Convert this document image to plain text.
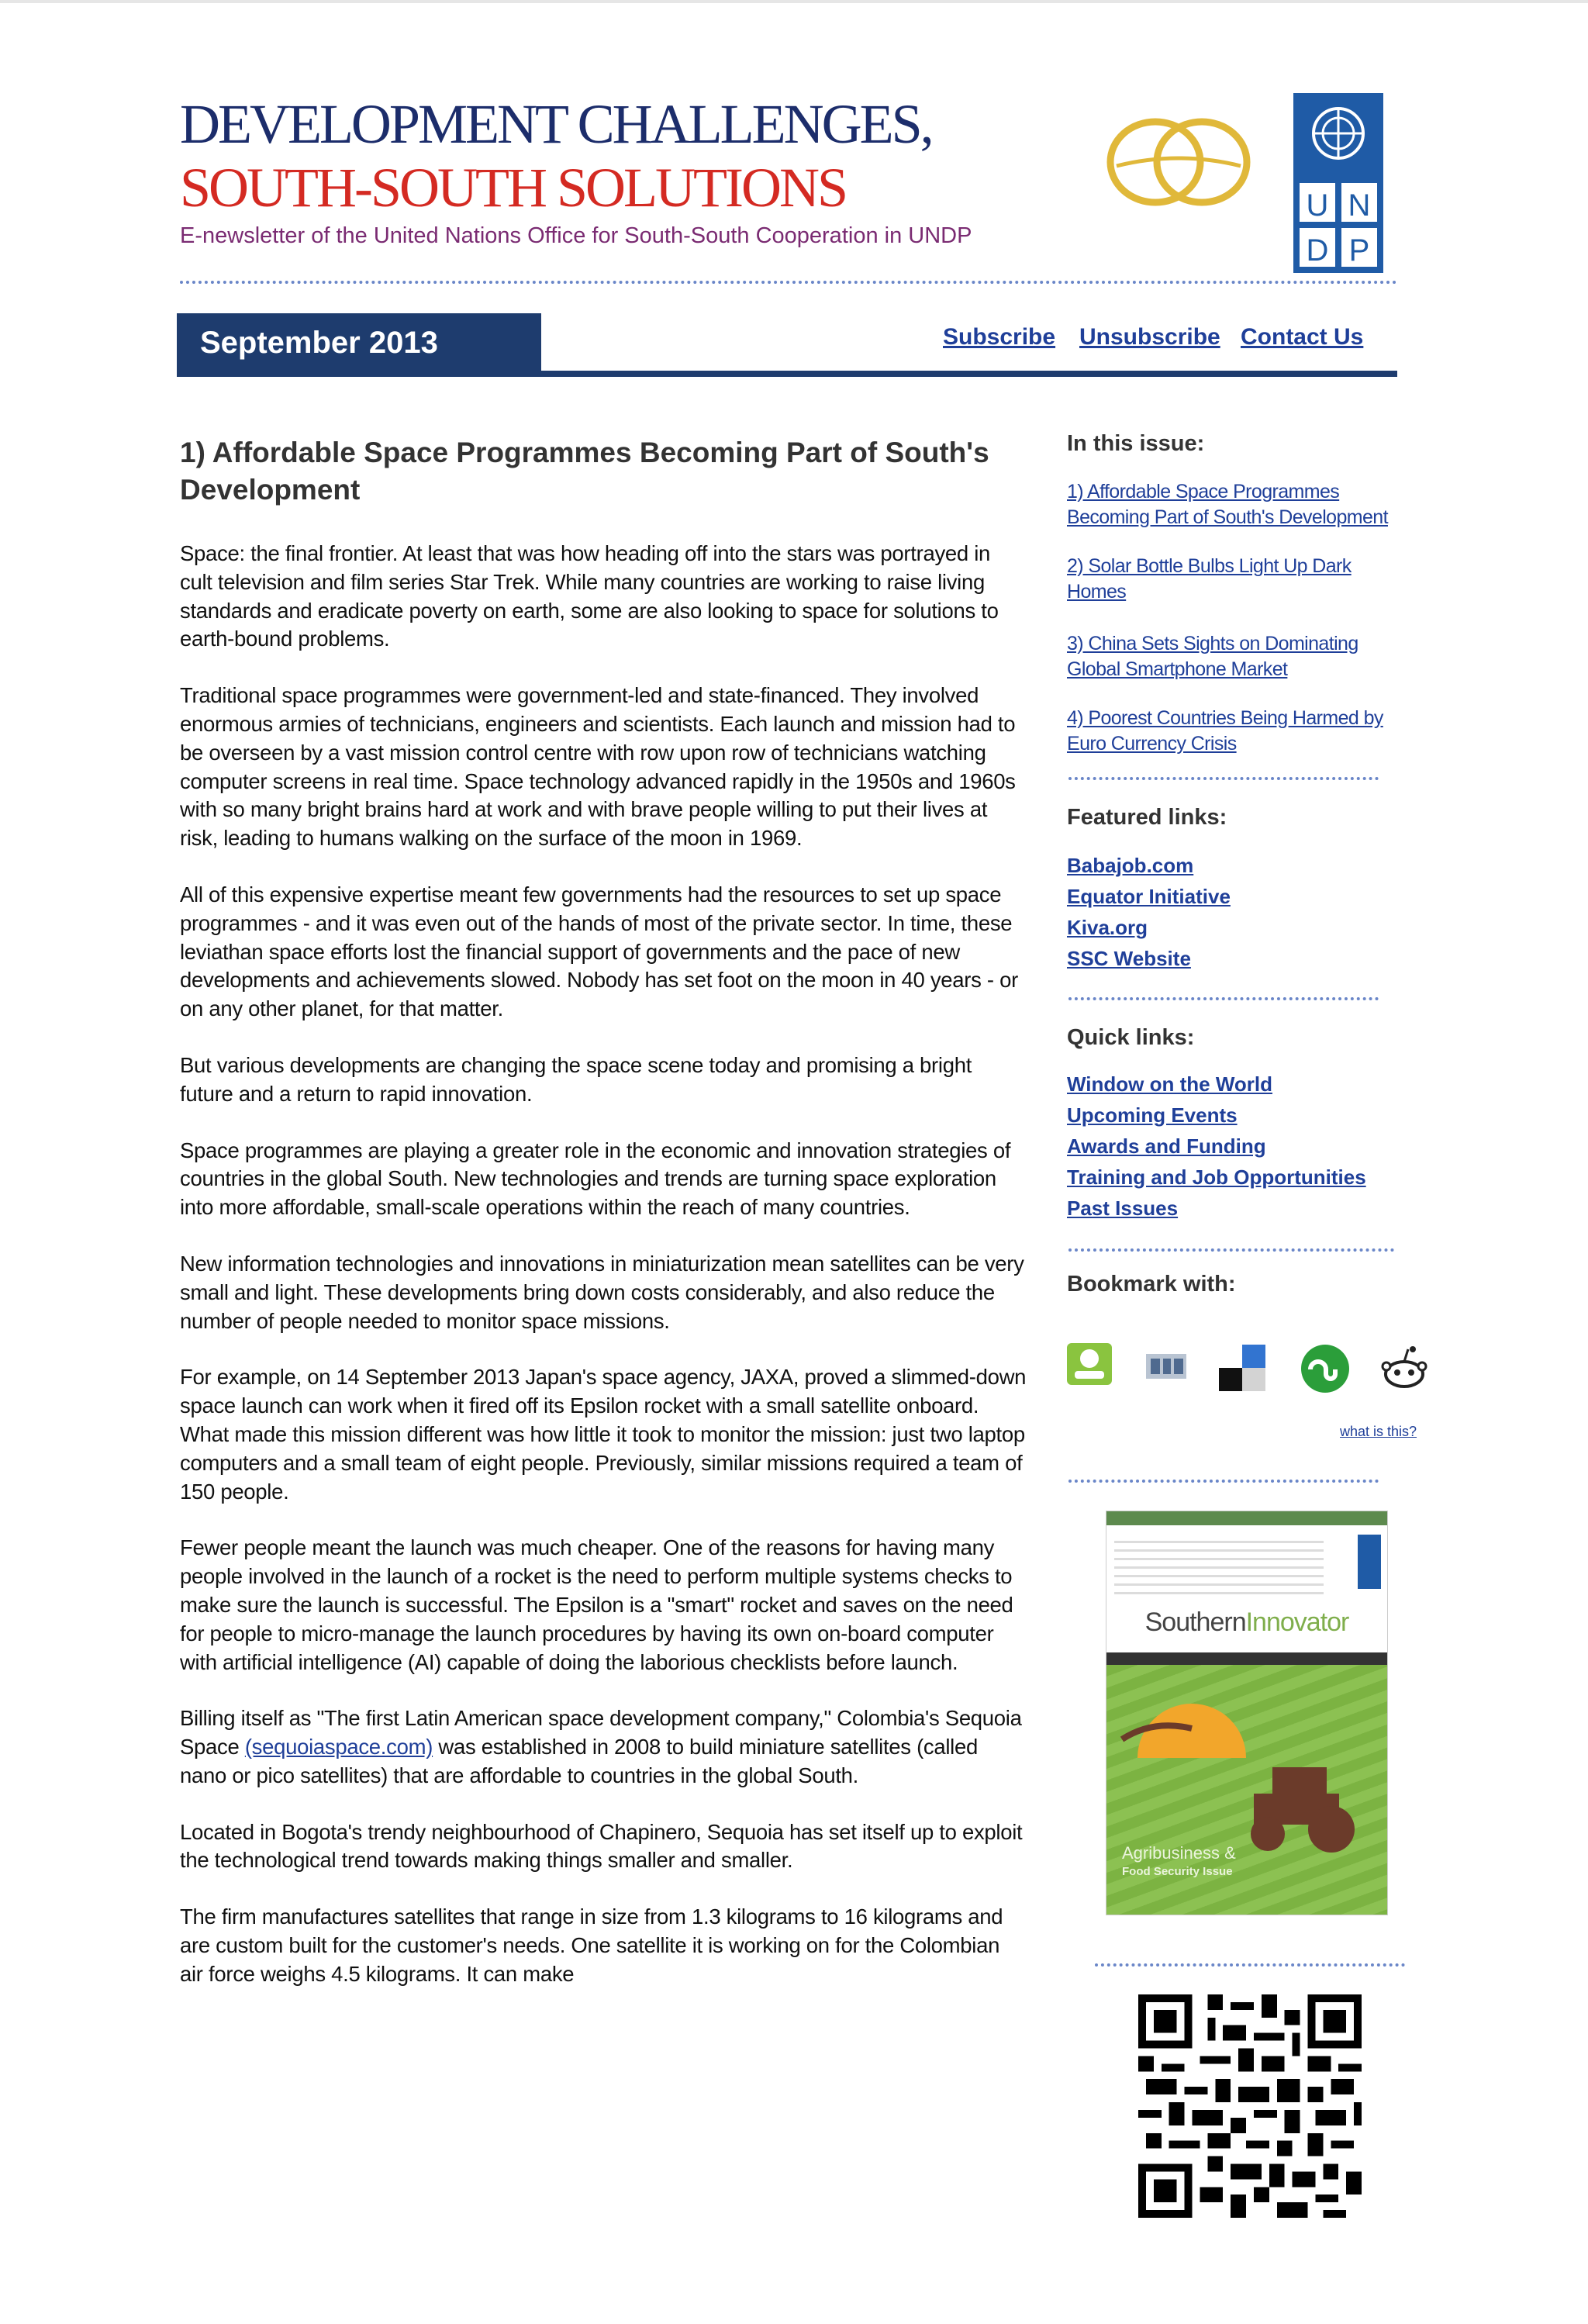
DEVELOPMENT CHALLENGES,
SOUTH-SOUTH SOLUTIONS
E-newsletter of the United Nations Office for South-South Cooperation in UNDP
U N
D P
September 2013	Subscribe Unsubscribe Contact Us
1) Affordable Space Programmes Becoming Part of South's Development

Space: the final frontier. At least that was how heading off into the stars was portrayed in cult television and film series Star Trek. While many countries are working to raise living standards and eradicate poverty on earth, some are also looking to space for solutions to earth-bound problems.

Traditional space programmes were government-led and state-financed. They involved enormous armies of technicians, engineers and scientists. Each launch and mission had to be overseen by a vast mission control centre with row upon row of technicians watching computer screens in real time. Space technology advanced rapidly in the 1950s and 1960s with so many bright brains hard at work and with brave people willing to put their lives at risk, leading to humans walking on the surface of the moon in 1969.

All of this expensive expertise meant few governments had the resources to set up space programmes - and it was even out of the hands of most of the private sector. In time, these leviathan space efforts lost the financial support of governments and the pace of new developments and achievements slowed. Nobody has set foot on the moon in 40 years - or on any other planet, for that matter.

But various developments are changing the space scene today and promising a bright future and a return to rapid innovation.

Space programmes are playing a greater role in the economic and innovation strategies of countries in the global South. New technologies and trends are turning space exploration into more affordable, small-scale operations within the reach of many countries.

New information technologies and innovations in miniaturization mean satellites can be very small and light. These developments bring down costs considerably, and also reduce the number of people needed to monitor space missions.

For example, on 14 September 2013 Japan's space agency, JAXA, proved a slimmed-down space launch can work when it fired off its Epsilon rocket with a small satellite onboard. What made this mission different was how little it took to monitor the mission: just two laptop computers and a small team of eight people. Previously, similar missions required a team of 150 people.

Fewer people meant the launch was much cheaper. One of the reasons for having many people involved in the launch of a rocket is the need to perform multiple systems checks to make sure the launch is successful. The Epsilon is a "smart" rocket and saves on the need for people to micro-manage the launch procedures by having its own on-board computer with artificial intelligence (AI) capable of doing the laborious checklists before launch.

Billing itself as "The first Latin American space development company," Colombia's Sequoia Space (sequoiaspace.com) was established in 2008 to build miniature satellites (called nano or pico satellites) that are affordable to countries in the global South.

Located in Bogota's trendy neighbourhood of Chapinero, Sequoia has set itself up to exploit the technological trend towards making things smaller and smaller.

The firm manufactures satellites that range in size from 1.3 kilograms to 16 kilograms and are custom built for the customer's needs. One satellite it is working on for the Colombian air force weighs 4.5 kilograms. It can make

In this issue:
1) Affordable Space Programmes
Becoming Part of South's Development
2) Solar Bottle Bulbs Light Up Dark
Homes
3) China Sets Sights on Dominating
Global Smartphone Market
4) Poorest Countries Being Harmed by
Euro Currency Crisis
Featured links:
Babajob.com
Equator Initiative
Kiva.org
SSC Website
Quick links:
Window on the World
Upcoming Events
Awards and Funding
Training and Job Opportunities
Past Issues
Bookmark with:
what is this?
SouthernInnovator
Agribusiness &
Food Security Issue
